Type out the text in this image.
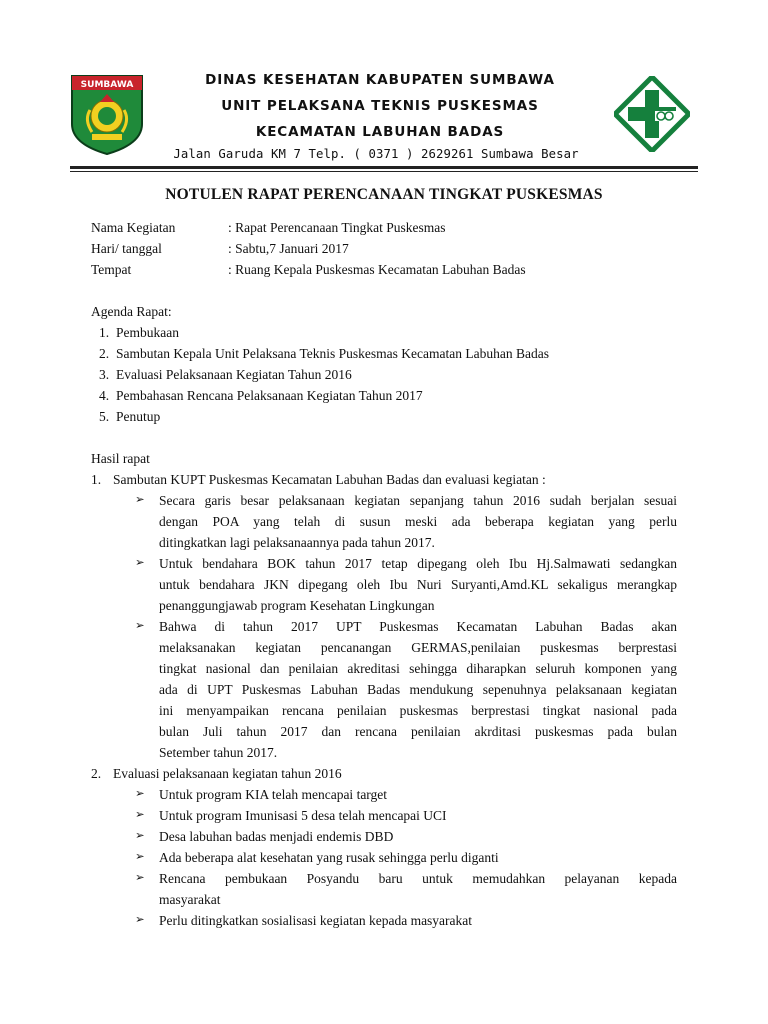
SUMBAWA	DINAS KESEHATAN KABUPATEN SUMBAWA
UNIT PELAKSANA TEKNIS PUSKESMAS
KECAMATAN LABUHAN BADAS
Jalan Garuda KM 7 Telp. ( 0371 ) 2629261 Sumbawa Besar
NOTULEN RAPAT PERENCANAAN TINGKAT PUSKESMAS
Nama Kegiatan	: Rapat Perencanaan Tingkat Puskesmas
Hari/ tanggal	: Sabtu,7 Januari 2017
Tempat	: Ruang Kepala Puskesmas Kecamatan Labuhan Badas
Agenda Rapat:
1. Pembukaan
2. Sambutan Kepala Unit Pelaksana Teknis Puskesmas Kecamatan Labuhan Badas
3. Evaluasi Pelaksanaan Kegiatan Tahun 2016
4. Pembahasan Rencana Pelaksanaan Kegiatan Tahun 2017
5. Penutup
Hasil rapat
1. Sambutan KUPT Puskesmas Kecamatan Labuhan Badas dan evaluasi kegiatan :
➢ Secara garis besar pelaksanaan kegiatan sepanjang tahun 2016 sudah berjalan sesuai
dengan POA yang telah di susun meski ada beberapa kegiatan yang perlu
ditingkatkan lagi pelaksanaannya pada tahun 2017.
➢ Untuk bendahara BOK tahun 2017 tetap dipegang oleh Ibu Hj.Salmawati sedangkan
untuk bendahara JKN dipegang oleh Ibu Nuri Suryanti,Amd.KL sekaligus merangkap
penanggungjawab program Kesehatan Lingkungan
➢ Bahwa di tahun 2017 UPT Puskesmas Kecamatan Labuhan Badas akan
melaksanakan kegiatan pencanangan GERMAS,penilaian puskesmas berprestasi
tingkat nasional dan penilaian akreditasi sehingga diharapkan seluruh komponen yang
ada di UPT Puskesmas Labuhan Badas mendukung sepenuhnya pelaksanaan kegiatan
ini menyampaikan rencana penilaian puskesmas berprestasi tingkat nasional pada
bulan Juli tahun 2017 dan rencana penilaian akrditasi puskesmas pada bulan
Setember tahun 2017.
2. Evaluasi pelaksanaan kegiatan tahun 2016
➢ Untuk program KIA telah mencapai target
➢ Untuk program Imunisasi 5 desa telah mencapai UCI
➢ Desa labuhan badas menjadi endemis DBD
➢ Ada beberapa alat kesehatan yang rusak sehingga perlu diganti
➢ Rencana pembukaan Posyandu baru untuk memudahkan pelayanan kepada
masyarakat
➢ Perlu ditingkatkan sosialisasi kegiatan kepada masyarakat
